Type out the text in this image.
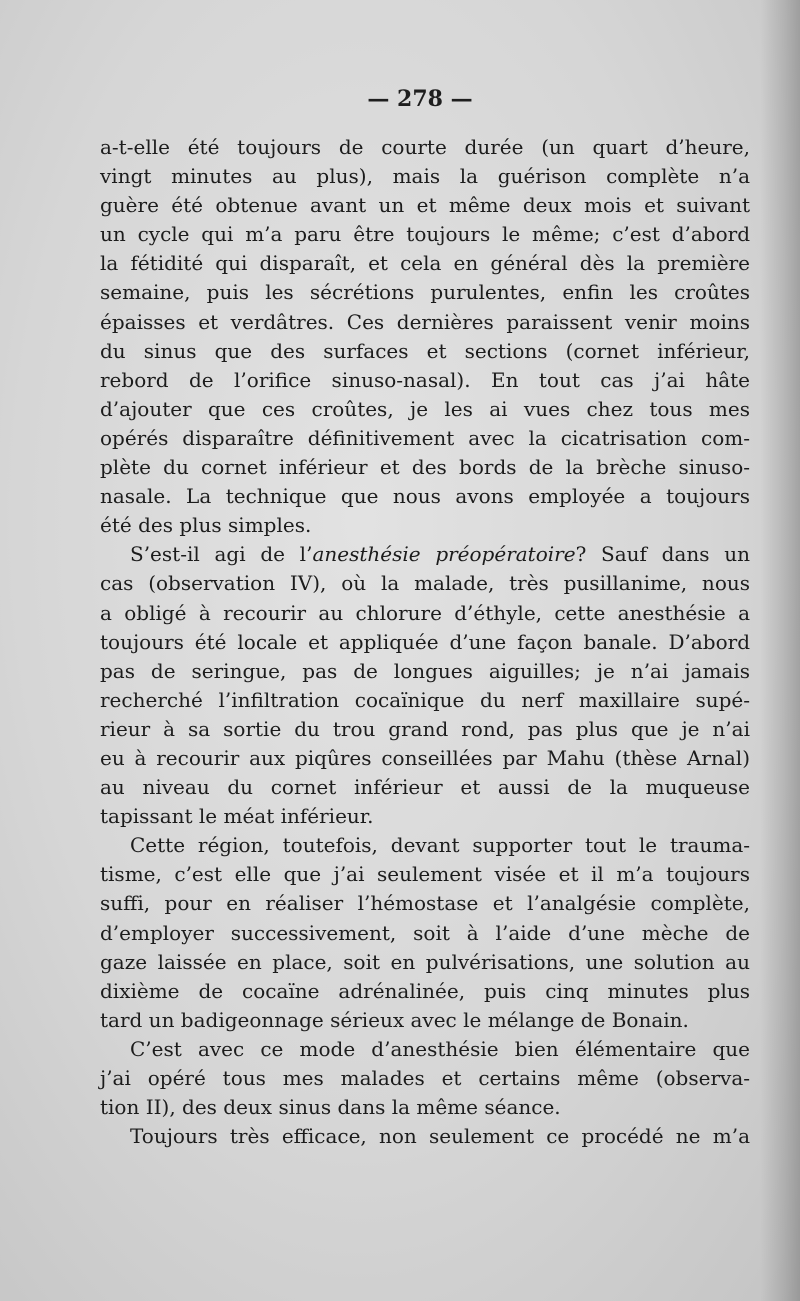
— 278 —
a-t-elle été toujours de courte durée (un quart d’heure,
vingt minutes au plus), mais la guérison complète n’a
guère été obtenue avant un et même deux mois et suivant
un cycle qui m’a paru être toujours le même; c’est d’abord
la fétidité qui disparaît, et cela en général dès la première
semaine, puis les sécrétions purulentes, enfin les croûtes
épaisses et verdâtres. Ces dernières paraissent venir moins
du sinus que des surfaces et sections (cornet inférieur,
rebord de l’orifice sinuso-nasal). En tout cas j’ai hâte
d’ajouter que ces croûtes, je les ai vues chez tous mes
opérés disparaître définitivement avec la cicatrisation com-
plète du cornet inférieur et des bords de la brèche sinuso-
nasale. La technique que nous avons employée a toujours
été des plus simples.
S’est-il agi de l’anesthésie préopératoire? Sauf dans un
cas (observation IV), où la malade, très pusillanime, nous
a obligé à recourir au chlorure d’éthyle, cette anesthésie a
toujours été locale et appliquée d’une façon banale. D’abord
pas de seringue, pas de longues aiguilles; je n’ai jamais
recherché l’infiltration cocaïnique du nerf maxillaire supé-
rieur à sa sortie du trou grand rond, pas plus que je n’ai
eu à recourir aux piqûres conseillées par Mahu (thèse Arnal)
au niveau du cornet inférieur et aussi de la muqueuse
tapissant le méat inférieur.
Cette région, toutefois, devant supporter tout le trauma-
tisme, c’est elle que j’ai seulement visée et il m’a toujours
suffi, pour en réaliser l’hémostase et l’analgésie complète,
d’employer successivement, soit à l’aide d’une mèche de
gaze laissée en place, soit en pulvérisations, une solution au
dixième de cocaïne adrénalinée, puis cinq minutes plus
tard un badigeonnage sérieux avec le mélange de Bonain.
C’est avec ce mode d’anesthésie bien élémentaire que
j’ai opéré tous mes malades et certains même (observa-
tion II), des deux sinus dans la même séance.
Toujours très efficace, non seulement ce procédé ne m’a
